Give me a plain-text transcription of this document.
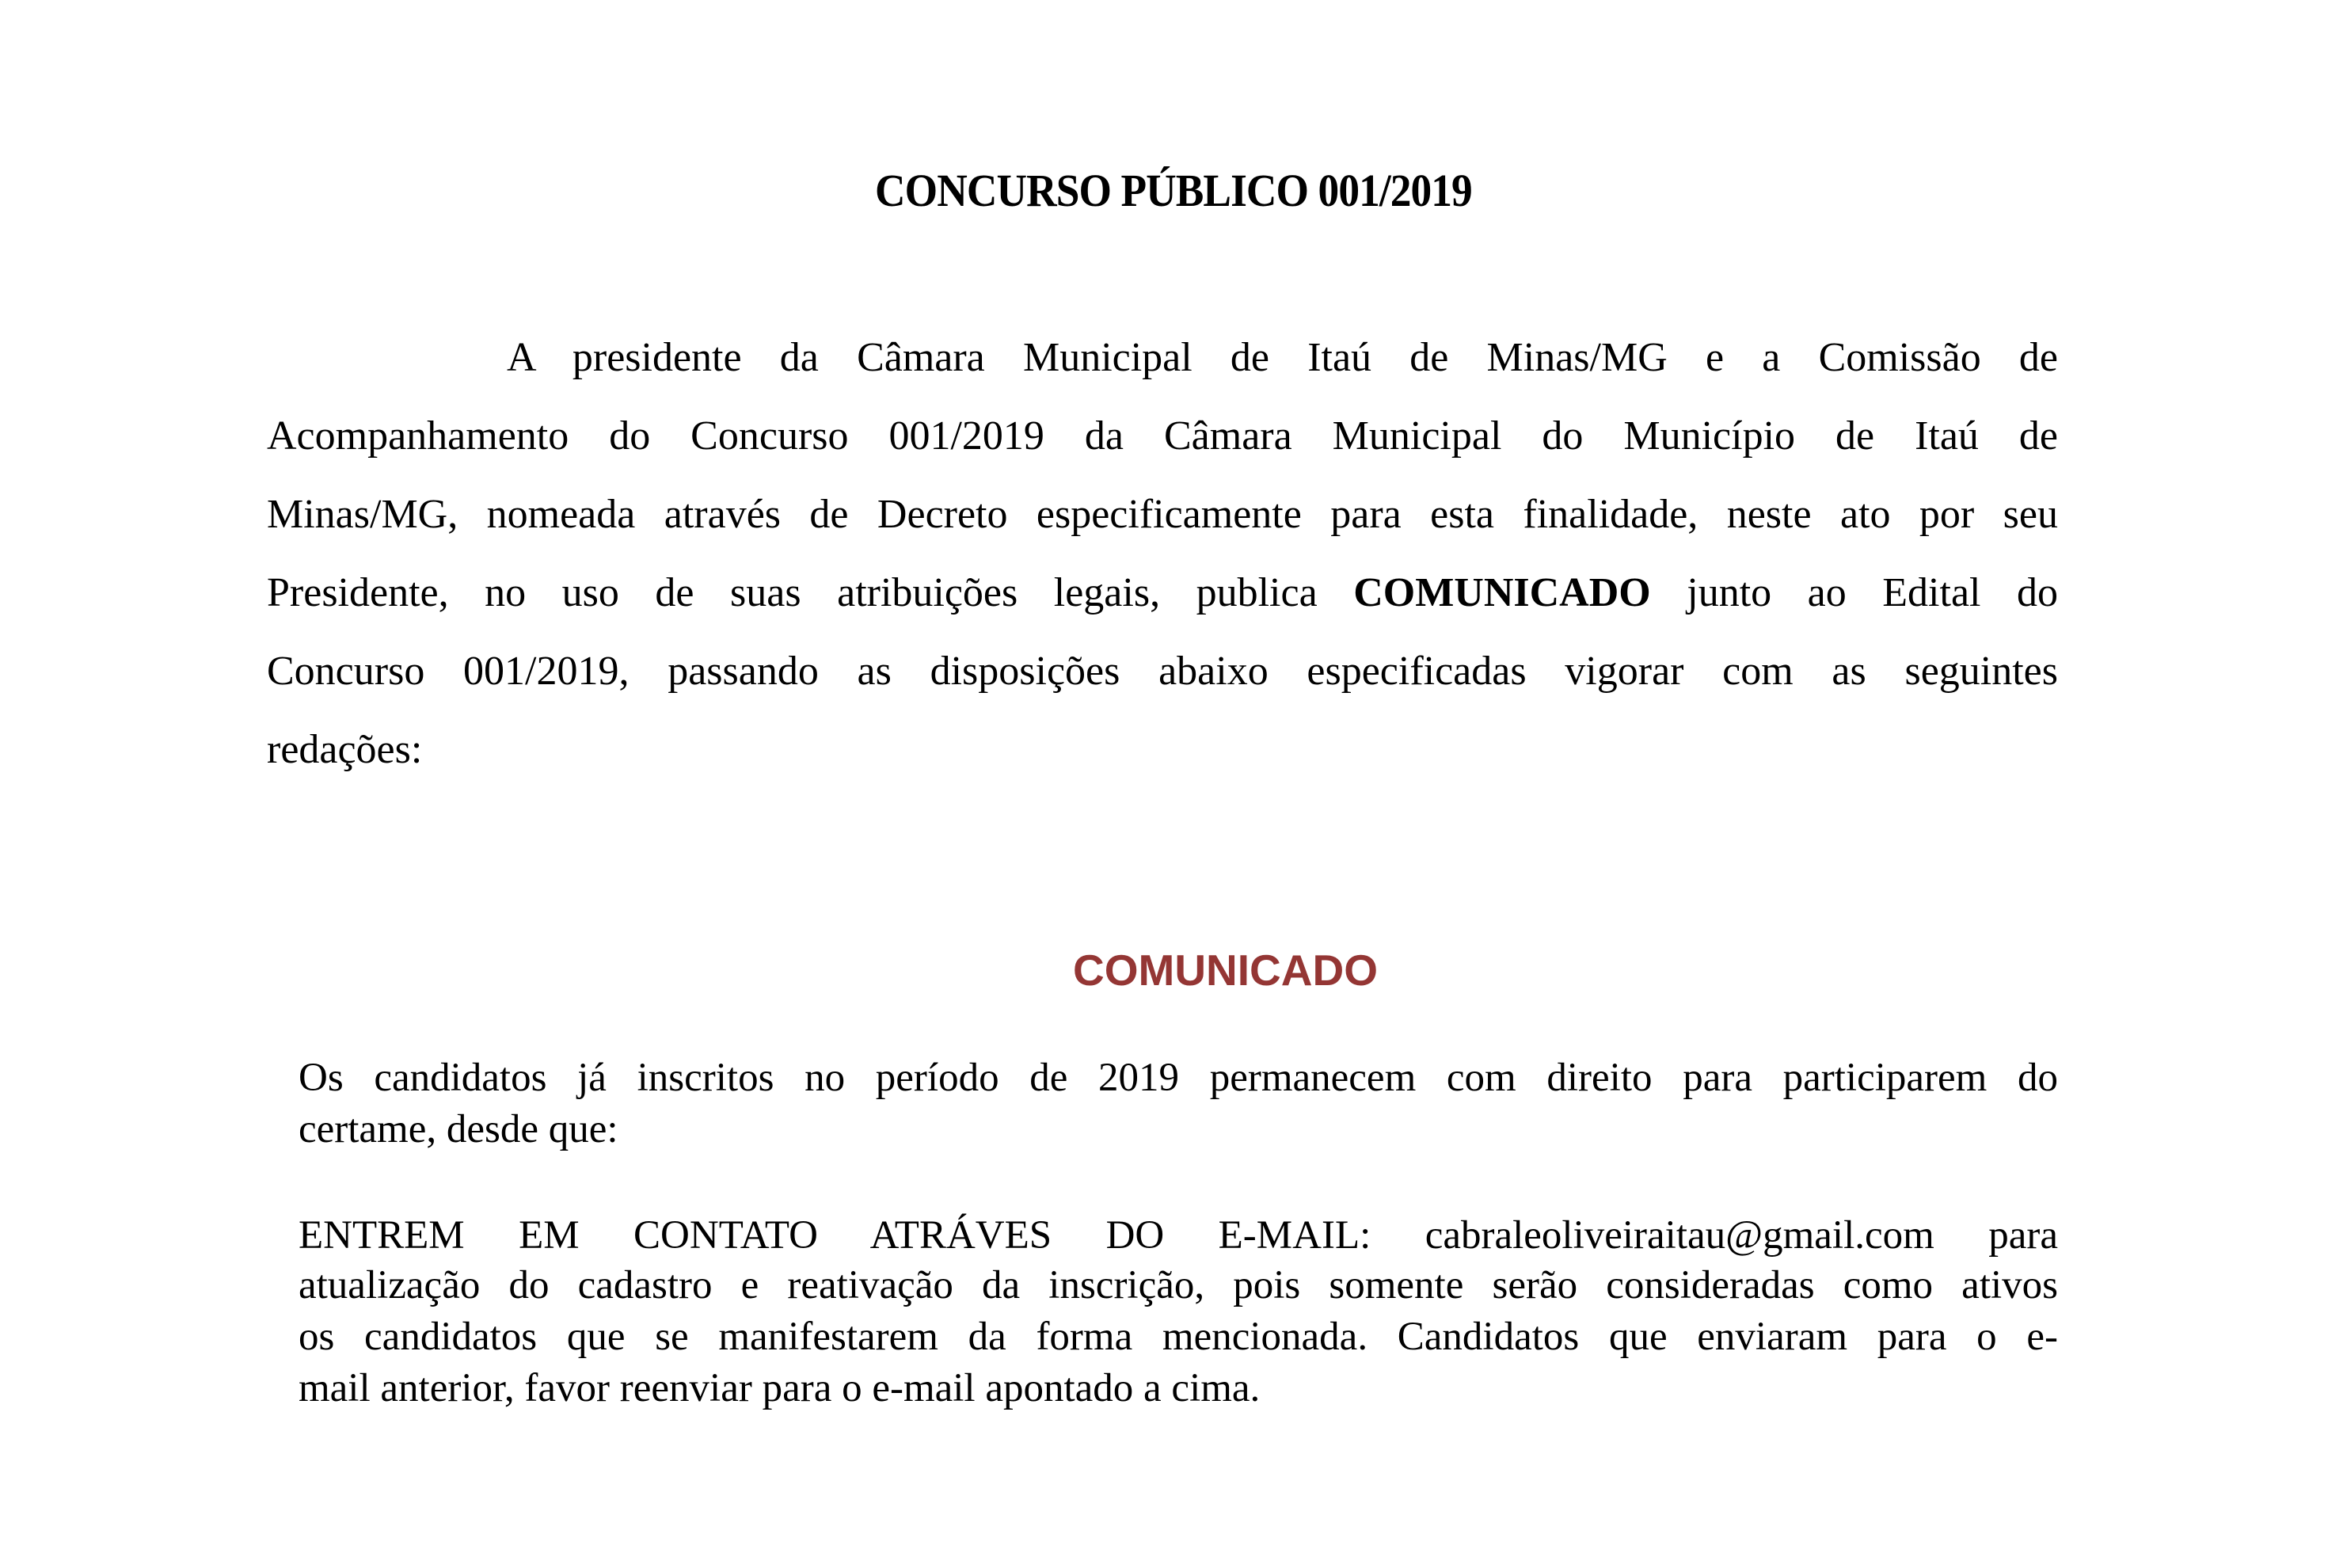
CONCURSO PÚBLICO 001/2019
A presidente da Câmara Municipal de Itaú de Minas/MG e a Comissão de
Acompanhamento do Concurso 001/2019 da Câmara Municipal do Município de Itaú de
Minas/MG, nomeada através de Decreto especificamente para esta finalidade, neste ato por seu
Presidente, no uso de suas atribuições legais, publica COMUNICADO junto ao Edital do
Concurso 001/2019, passando as disposições abaixo especificadas vigorar com as seguintes
redações:
COMUNICADO
Os candidatos já inscritos no período de 2019 permanecem com direito para participarem do
certame, desde que:
ENTREM EM CONTATO ATRÁVES DO E-MAIL: cabraleoliveiraitau@gmail.com para
atualização do cadastro e reativação da inscrição, pois somente serão consideradas como ativos
os candidatos que se manifestarem da forma mencionada. Candidatos que enviaram para o e-
mail anterior, favor reenviar para o e-mail apontado a cima.
